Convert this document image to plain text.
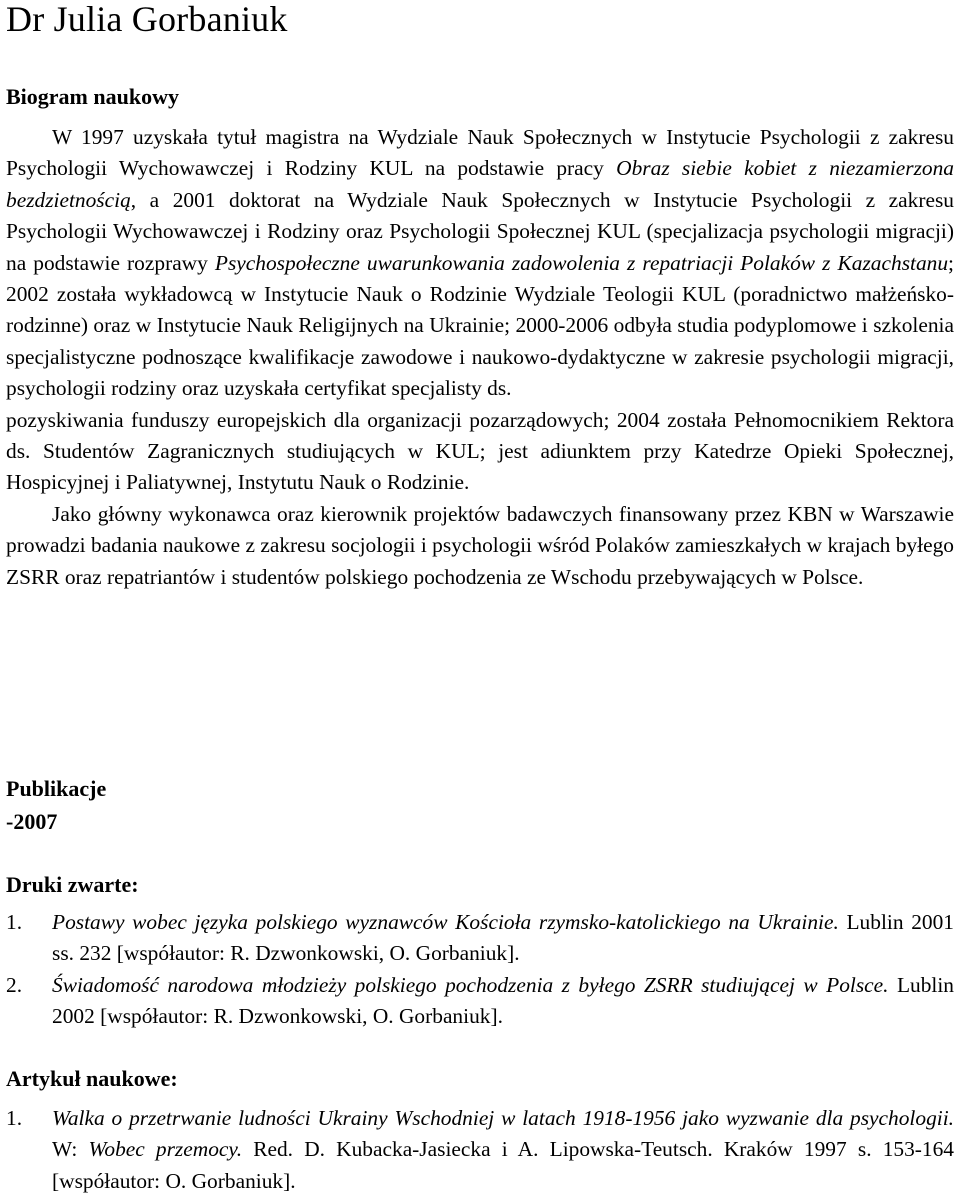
Dr Julia Gorbaniuk
Biogram naukowy

W 1997 uzyskała tytuł magistra na Wydziale Nauk Społecznych w Instytucie Psychologii z zakresu Psychologii Wychowawczej i Rodziny KUL na podstawie pracy Obraz siebie kobiet z niezamierzona bezdzietnością, a 2001 doktorat na Wydziale Nauk Społecznych w Instytucie Psychologii z zakresu Psychologii Wychowawczej i Rodziny oraz Psychologii Społecznej KUL (specjalizacja psychologii migracji) na podstawie rozprawy Psychospołeczne uwarunkowania zadowolenia z repatriacji Polaków z Kazachstanu; 2002 została wykładowcą w Instytucie Nauk o Rodzinie Wydziale Teologii KUL (poradnictwo małżeńsko-rodzinne) oraz w Instytucie Nauk Religijnych na Ukrainie; 2000-2006 odbyła studia podyplomowe i szkolenia specjalistyczne podnoszące kwalifikacje zawodowe i naukowo-dydaktyczne w zakresie psychologii migracji, psychologii rodziny oraz uzyskała certyfikat specjalisty ds.

pozyskiwania funduszy europejskich dla organizacji pozarządowych; 2004 została Pełnomocnikiem Rektora ds. Studentów Zagranicznych studiujących w KUL; jest adiunktem przy Katedrze Opieki Społecznej, Hospicyjnej i Paliatywnej, Instytutu Nauk o Rodzinie.

Jako główny wykonawca oraz kierownik projektów badawczych finansowany przez KBN w Warszawie prowadzi badania naukowe z zakresu socjologii i psychologii wśród Polaków zamieszkałych w krajach byłego ZSRR oraz repatriantów i studentów polskiego pochodzenia ze Wschodu przebywających w Polsce.

Publikacje
-2007
Druki zwarte:
1. Postawy wobec języka polskiego wyznawców Kościoła rzymsko-katolickiego na Ukrainie. Lublin 2001 ss. 232 [współautor: R. Dzwonkowski, O. Gorbaniuk].
2. Świadomość narodowa młodzieży polskiego pochodzenia z byłego ZSRR studiującej w Polsce. Lublin 2002 [współautor: R. Dzwonkowski, O. Gorbaniuk].
Artykuł naukowe:
1. Walka o przetrwanie ludności Ukrainy Wschodniej w latach 1918-1956 jako wyzwanie dla psychologii. W: Wobec przemocy. Red. D. Kubacka-Jasiecka i A. Lipowska-Teutsch. Kraków 1997 s. 153-164 [współautor: O. Gorbaniuk].
